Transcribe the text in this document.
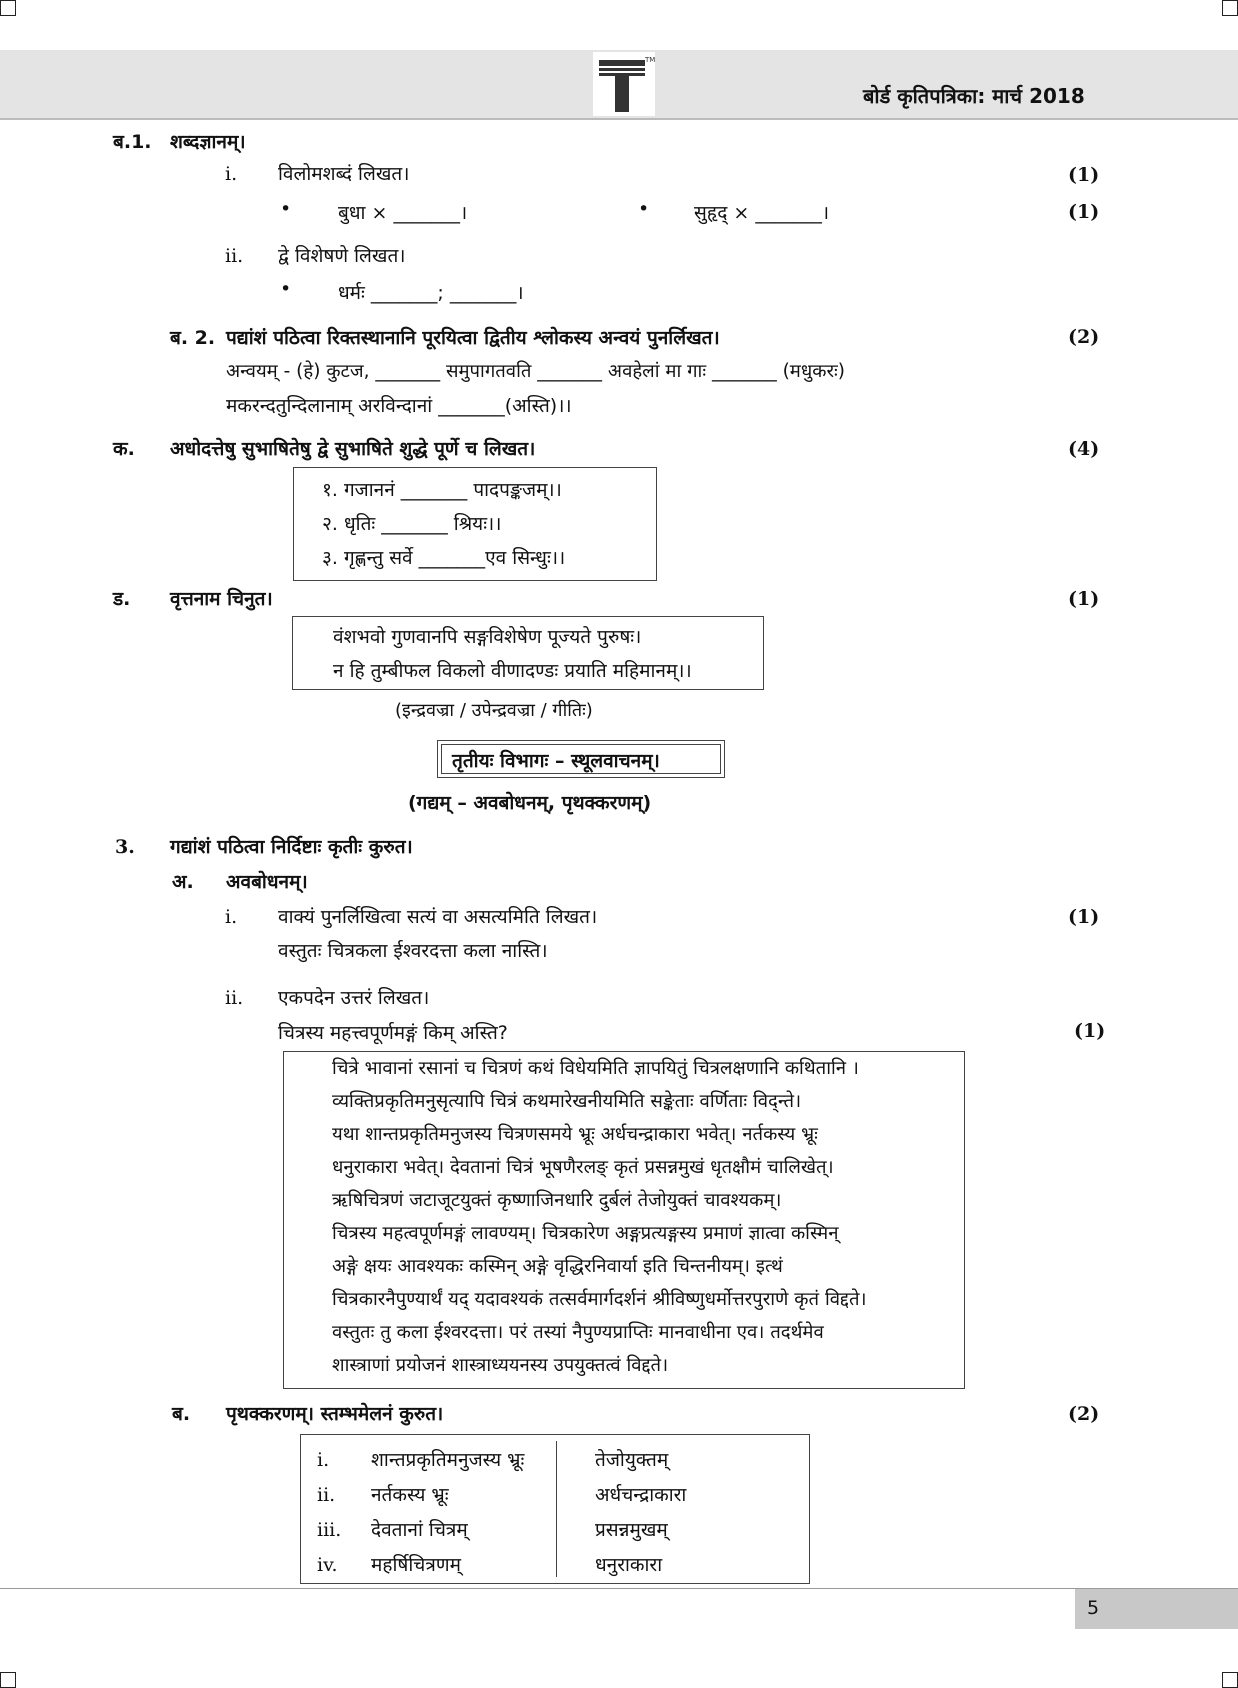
TM
बोर्ड कृतिपत्रिका: मार्च 2018
ब.1. शब्दज्ञानम्।
i. विलोमशब्दं लिखत।	(1)
• बुधा × _______।	• सुहृद् × _______।	(1)
ii. द्वे विशेषणे लिखत।
• धर्मः _______; _______।
ब. 2. पद्यांशं पठित्वा रिक्तस्थानानि पूरयित्वा द्वितीय श्लोकस्य अन्वयं पुनर्लिखत।	(2)
अन्वयम् - (हे) कुटज, _______ समुपागतवति _______ अवहेलां मा गाः _______ (मधुकरः)
मकरन्दतुन्दिलानाम् अरविन्दानां _______(अस्ति)।।
क. अधोदत्तेषु सुभाषितेषु द्वे सुभाषिते शुद्धे पूर्णे च लिखत।	(4)
१. गजाननं _______ पादपङ्कजम्।।
२. धृतिः _______ श्रियः।।
३. गृह्णन्तु सर्वे _______एव सिन्धुः।।
ड. वृत्तनाम चिनुत।	(1)
वंशभवो गुणवानपि सङ्गविशेषेण पूज्यते पुरुषः।
न हि तुम्बीफल विकलो वीणादण्डः प्रयाति महिमानम्।।
(इन्द्रवज्रा / उपेन्द्रवज्रा / गीतिः)
तृतीयः विभागः – स्थूलवाचनम्।
(गद्यम् – अवबोधनम्, पृथक्करणम्)
3. गद्यांशं पठित्वा निर्दिष्टाः कृतीः कुरुत।
अ. अवबोधनम्।
i. वाक्यं पुनर्लिखित्वा सत्यं वा असत्यमिति लिखत।	(1)
वस्तुतः चित्रकला ईश्वरदत्ता कला नास्ति।
ii. एकपदेन उत्तरं लिखत।
चित्रस्य महत्त्वपूर्णमङ्गं किम् अस्ति?	(1)
चित्रे भावानां रसानां च चित्रणं कथं विधेयमिति ज्ञापयितुं चित्रलक्षणानि कथितानि ।
व्यक्तिप्रकृतिमनुसृत्यापि चित्रं कथमारेखनीयमिति सङ्केताः वर्णिताः विद्न्ते।
यथा शान्तप्रकृतिमनुजस्य चित्रणसमये भ्रूः अर्धचन्द्राकारा भवेत्। नर्तकस्य भ्रूः
धनुराकारा भवेत्। देवतानां चित्रं भूषणैरलङ् कृतं प्रसन्नमुखं धृतक्षौमं चालिखेत्।
ऋषिचित्रणं जटाजूटयुक्तं कृष्णाजिनधारि दुर्बलं तेजोयुक्तं चावश्यकम्।
चित्रस्य महत्वपूर्णमङ्गं लावण्यम्। चित्रकारेण अङ्गप्रत्यङ्गस्य प्रमाणं ज्ञात्वा कस्मिन्
अङ्गे क्षयः आवश्यकः कस्मिन् अङ्गे वृद्धिरनिवार्या इति चिन्तनीयम्। इत्थं
चित्रकारनैपुण्यार्थं यद् यदावश्यकं तत्सर्वमार्गदर्शनं श्रीविष्णुधर्मोत्तरपुराणे कृतं विद्दते।
वस्तुतः तु कला ईश्वरदत्ता। परं तस्यां नैपुण्यप्राप्तिः मानवाधीना एव। तदर्थमेव
शास्त्राणां प्रयोजनं शास्त्राध्ययनस्य उपयुक्तत्वं विद्दते।
ब. पृथक्करणम्। स्तम्भमेलनं कुरुत।	(2)
i. शान्तप्रकृतिमनुजस्य भ्रूः	तेजोयुक्तम्
ii. नर्तकस्य भ्रूः	अर्धचन्द्राकारा
iii. देवतानां चित्रम्	प्रसन्नमुखम्
iv. महर्षिचित्रणम्	धनुराकारा
5
